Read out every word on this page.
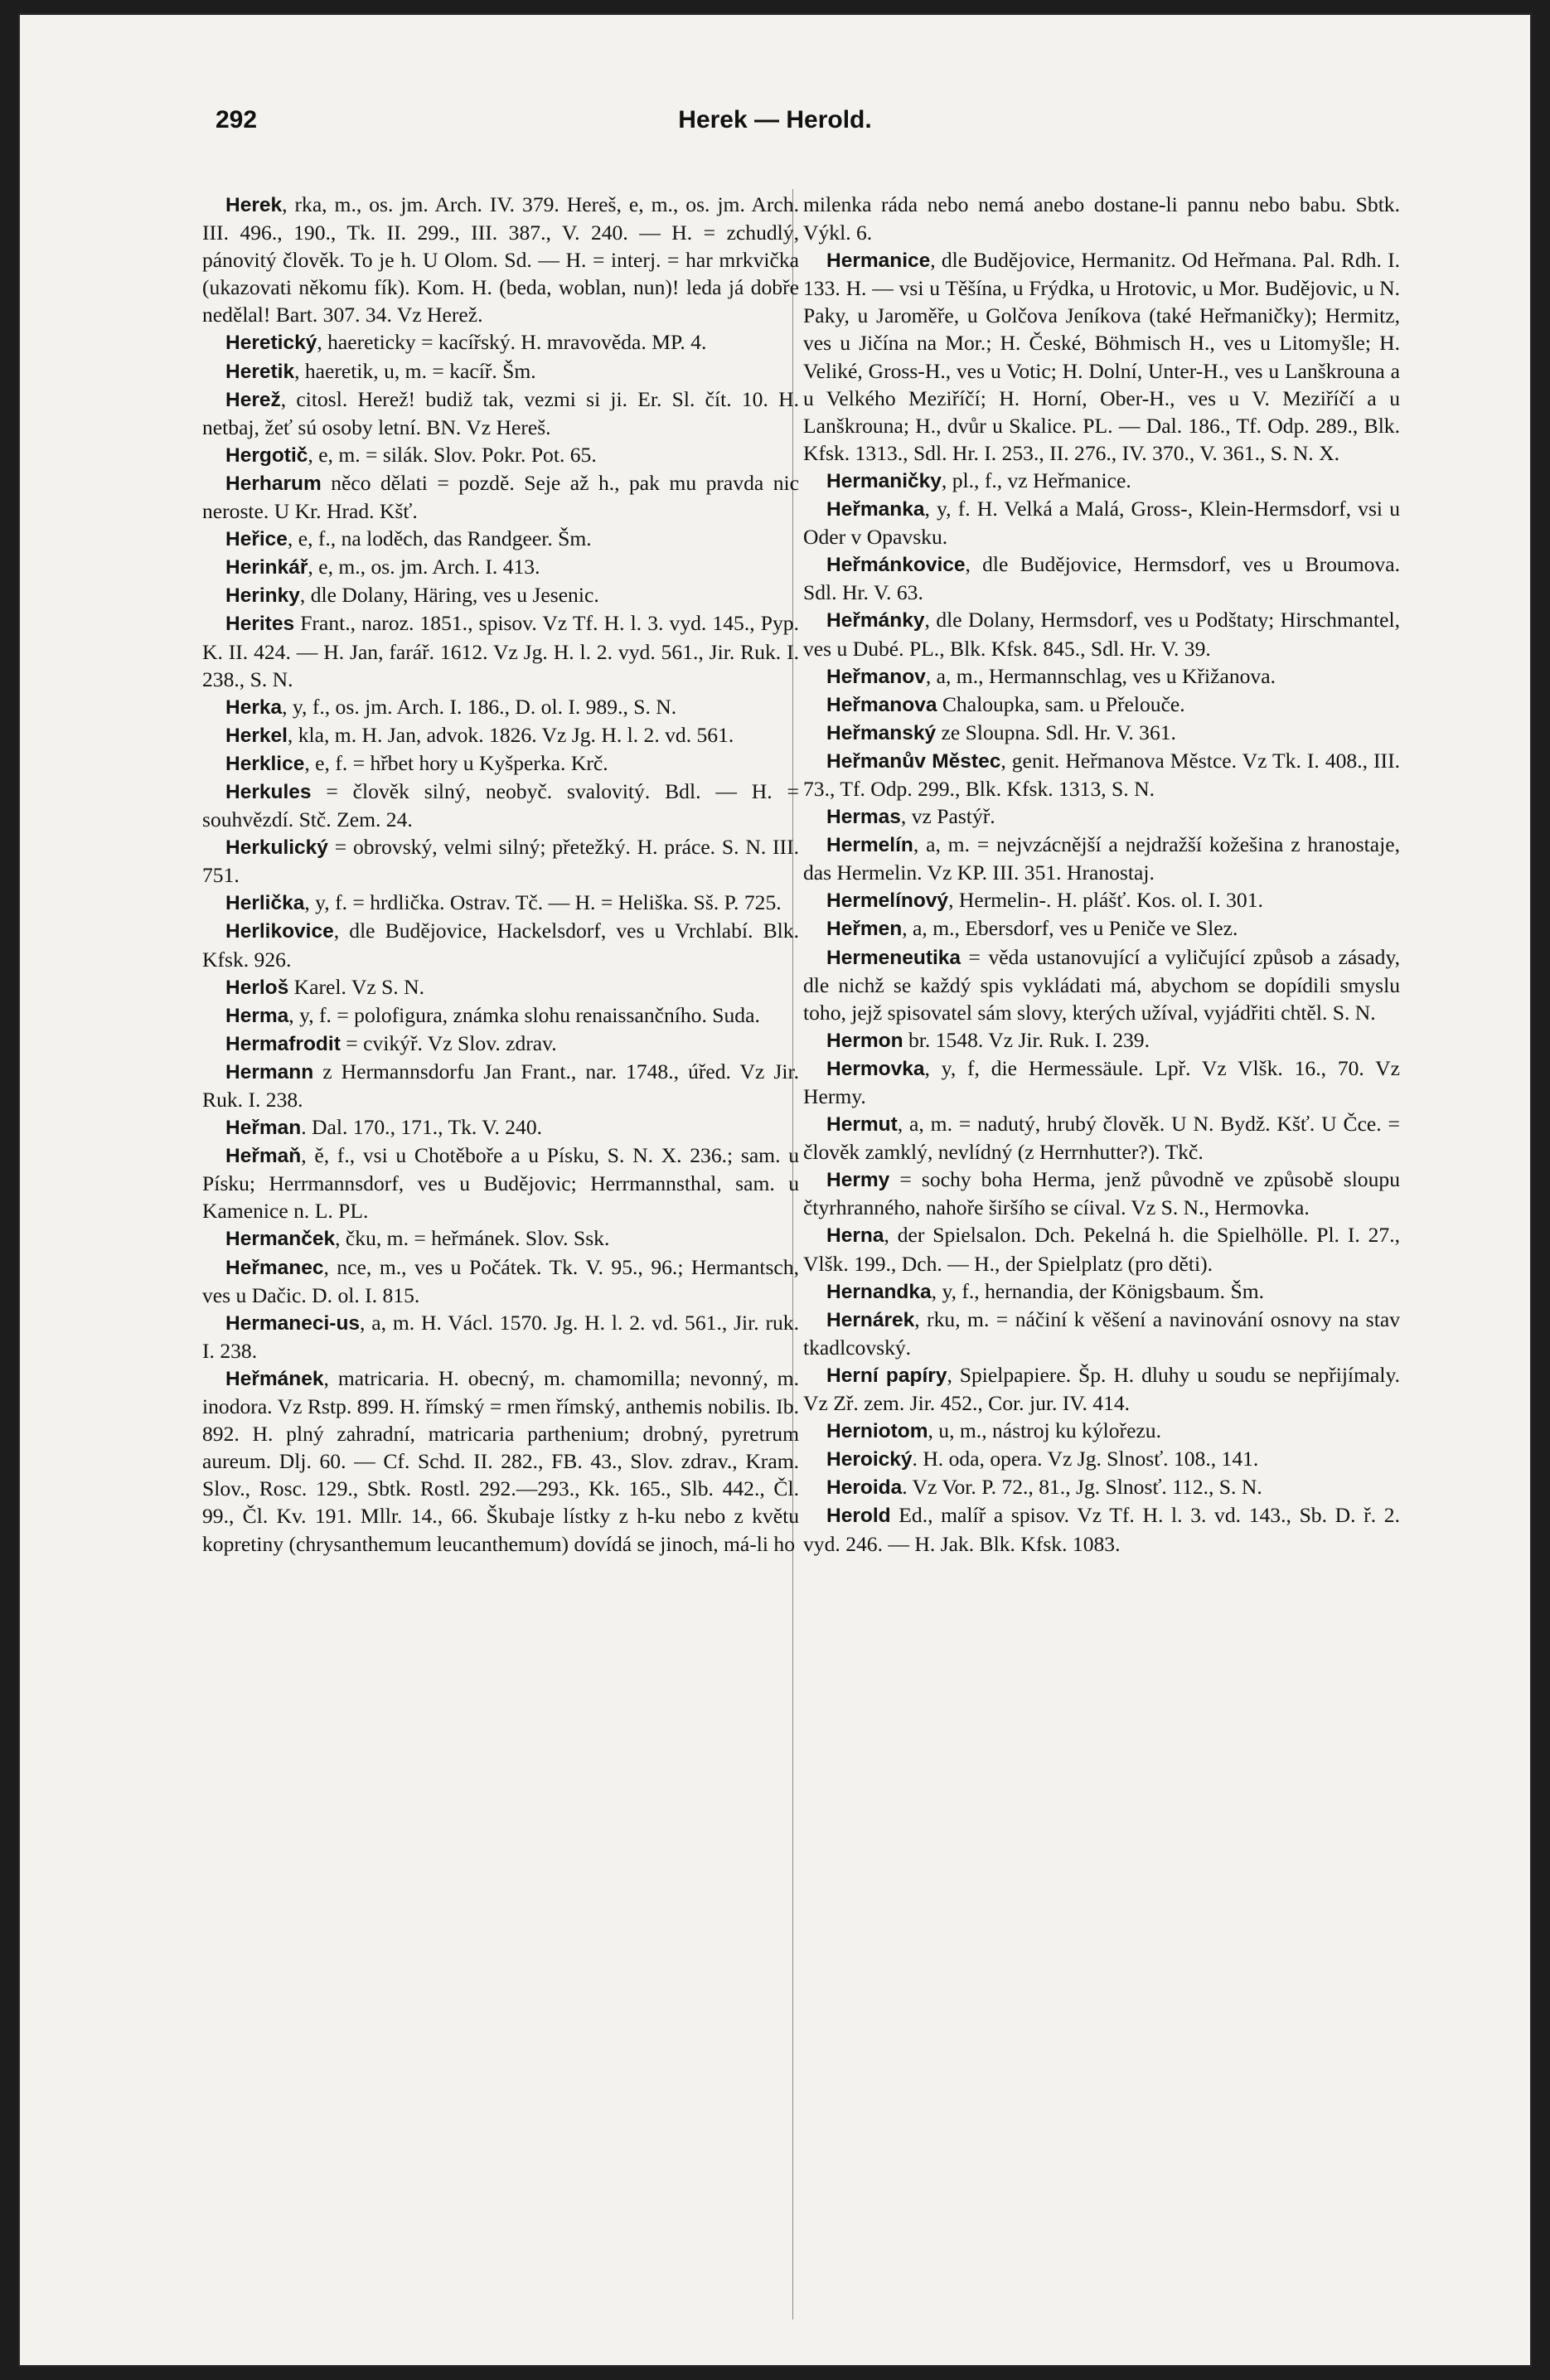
292	Herek — Herold.

Herek, rka, m., os. jm. Arch. IV. 379. Hereš, e, m., os. jm. Arch. III. 496., 190., Tk. II. 299., III. 387., V. 240. — H. = zchudlý, pánovitý člověk. To je h. U Olom. Sd. — H. = interj. = har mrkvička (ukazovati někomu fík). Kom. H. (beda, woblan, nun)! leda já dobře nedělal! Bart. 307. 34. Vz Herež.

Heretický, haereticky = kacířský. H. mravověda. MP. 4.

Heretik, haeretik, u, m. = kacíř. Šm.

Herež, citosl. Herež! budiž tak, vezmi si ji. Er. Sl. čít. 10. H. netbaj, žeť sú osoby letní. BN. Vz Hereš.

Hergotič, e, m. = silák. Slov. Pokr. Pot. 65.

Herharum něco dělati = pozdě. Seje až h., pak mu pravda nic neroste. U Kr. Hrad. Kšť.

Heřice, e, f., na loděch, das Randgeer. Šm.

Herinkář, e, m., os. jm. Arch. I. 413.

Herinky, dle Dolany, Häring, ves u Jesenic.

Herites Frant., naroz. 1851., spisov. Vz Tf. H. l. 3. vyd. 145., Pyp. K. II. 424. — H. Jan, farář. 1612. Vz Jg. H. l. 2. vyd. 561., Jir. Ruk. I. 238., S. N.

Herka, y, f., os. jm. Arch. I. 186., D. ol. I. 989., S. N.

Herkel, kla, m. H. Jan, advok. 1826. Vz Jg. H. l. 2. vd. 561.

Herklice, e, f. = hřbet hory u Kyšperka. Krč.

Herkules = člověk silný, neobyč. svalovitý. Bdl. — H. = souhvězdí. Stč. Zem. 24.

Herkulický = obrovský, velmi silný; přetežký. H. práce. S. N. III. 751.

Herlička, y, f. = hrdlička. Ostrav. Tč. — H. = Heliška. Sš. P. 725.

Herlikovice, dle Budějovice, Hackelsdorf, ves u Vrchlabí. Blk. Kfsk. 926.

Herloš Karel. Vz S. N.

Herma, y, f. = polofigura, známka slohu renaissančního. Suda.

Hermafrodit = cvikýř. Vz Slov. zdrav.

Hermann z Hermannsdorfu Jan Frant., nar. 1748., úřed. Vz Jir. Ruk. I. 238.

Heřman. Dal. 170., 171., Tk. V. 240.

Heřmaň, ě, f., vsi u Chotěboře a u Písku, S. N. X. 236.; sam. u Písku; Herrmannsdorf, ves u Budějovic; Herrmannsthal, sam. u Kamenice n. L. PL.

Hermanček, čku, m. = heřmánek. Slov. Ssk.

Heřmanec, nce, m., ves u Počátek. Tk. V. 95., 96.; Hermantsch, ves u Dačic. D. ol. I. 815.

Hermaneci-us, a, m. H. Václ. 1570. Jg. H. l. 2. vd. 561., Jir. ruk. I. 238.

Heřmánek, matricaria. H. obecný, m. chamomilla; nevonný, m. inodora. Vz Rstp. 899. H. římský = rmen římský, anthemis nobilis. Ib. 892. H. plný zahradní, matricaria parthenium; drobný, pyretrum aureum. Dlj. 60. — Cf. Schd. II. 282., FB. 43., Slov. zdrav., Kram. Slov., Rosc. 129., Sbtk. Rostl. 292.—293., Kk. 165., Slb. 442., Čl. 99., Čl. Kv. 191. Mllr. 14., 66. Škubaje lístky z h-ku nebo z květu kopretiny (chrysanthemum leucanthemum) dovídá se jinoch, má-li ho

milenka ráda nebo nemá anebo dostane-li pannu nebo babu. Sbtk. Výkl. 6.

Hermanice, dle Budějovice, Hermanitz. Od Heřmana. Pal. Rdh. I. 133. H. — vsi u Těšína, u Frýdka, u Hrotovic, u Mor. Budějovic, u N. Paky, u Jaroměře, u Golčova Jeníkova (také Heřmaničky); Hermitz, ves u Jičína na Mor.; H. České, Böhmisch H., ves u Litomyšle; H. Veliké, Gross-H., ves u Votic; H. Dolní, Unter-H., ves u Lanškrouna a u Velkého Meziříčí; H. Horní, Ober-H., ves u V. Meziříčí a u Lanškrouna; H., dvůr u Skalice. PL. — Dal. 186., Tf. Odp. 289., Blk. Kfsk. 1313., Sdl. Hr. I. 253., II. 276., IV. 370., V. 361., S. N. X.

Hermaničky, pl., f., vz Heřmanice.

Heřmanka, y, f. H. Velká a Malá, Gross-, Klein-Hermsdorf, vsi u Oder v Opavsku.

Heřmánkovice, dle Budějovice, Hermsdorf, ves u Broumova. Sdl. Hr. V. 63.

Heřmánky, dle Dolany, Hermsdorf, ves u Podštaty; Hirschmantel, ves u Dubé. PL., Blk. Kfsk. 845., Sdl. Hr. V. 39.

Heřmanov, a, m., Hermannschlag, ves u Křižanova.

Heřmanova Chaloupka, sam. u Přelouče.

Heřmanský ze Sloupna. Sdl. Hr. V. 361.

Heřmanův Městec, genit. Heřmanova Městce. Vz Tk. I. 408., III. 73., Tf. Odp. 299., Blk. Kfsk. 1313, S. N.

Hermas, vz Pastýř.

Hermelín, a, m. = nejvzácnější a nejdražší kožešina z hranostaje, das Hermelin. Vz KP. III. 351. Hranostaj.

Hermelínový, Hermelin-. H. plášť. Kos. ol. I. 301.

Heřmen, a, m., Ebersdorf, ves u Peniče ve Slez.

Hermeneutika = věda ustanovující a vyličující způsob a zásady, dle nichž se každý spis vykládati má, abychom se dopídili smyslu toho, jejž spisovatel sám slovy, kterých užíval, vyjádřiti chtěl. S. N.

Hermon br. 1548. Vz Jir. Ruk. I. 239.

Hermovka, y, f, die Hermessäule. Lpř. Vz Vlšk. 16., 70. Vz Hermy.

Hermut, a, m. = nadutý, hrubý člověk. U N. Bydž. Kšť. U Čce. = člověk zamklý, nevlídný (z Herrnhutter?). Tkč.

Hermy = sochy boha Herma, jenž původně ve způsobě sloupu čtyrhranného, nahoře širšího se cíival. Vz S. N., Hermovka.

Herna, der Spielsalon. Dch. Pekelná h. die Spielhölle. Pl. I. 27., Vlšk. 199., Dch. — H., der Spielplatz (pro děti).

Hernandka, y, f., hernandia, der Königsbaum. Šm.

Hernárek, rku, m. = náčiní k věšení a navinování osnovy na stav tkadlcovský.

Herní papíry, Spielpapiere. Šp. H. dluhy u soudu se nepřijímaly. Vz Zř. zem. Jir. 452., Cor. jur. IV. 414.

Herniotom, u, m., nástroj ku kýlořezu.

Heroický. H. oda, opera. Vz Jg. Slnosť. 108., 141.

Heroida. Vz Vor. P. 72., 81., Jg. Slnosť. 112., S. N.

Herold Ed., malíř a spisov. Vz Tf. H. l. 3. vd. 143., Sb. D. ř. 2. vyd. 246. — H. Jak. Blk. Kfsk. 1083.
